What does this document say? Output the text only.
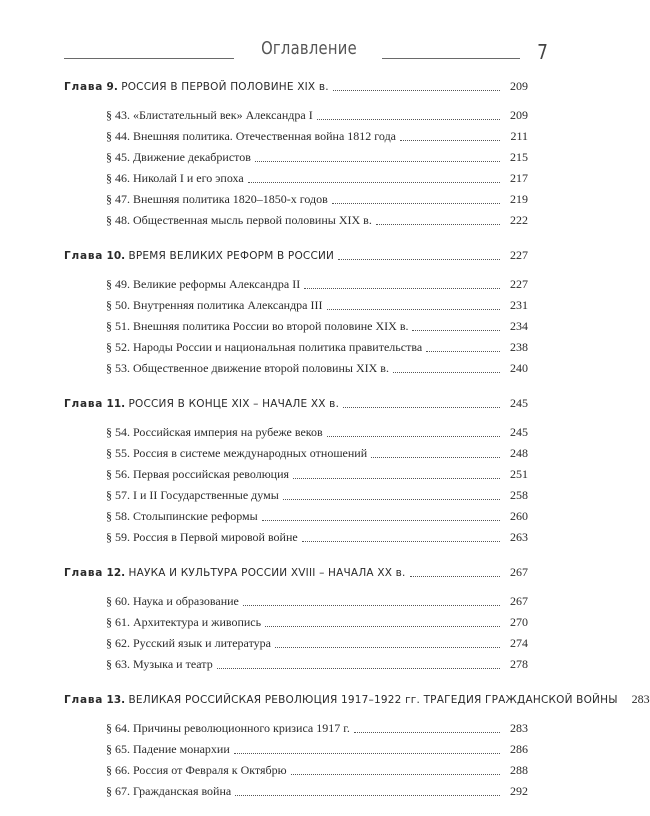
Оглавление	7
Глава 9. РОССИЯ В ПЕРВОЙ ПОЛОВИНЕ XIX в.	209
§ 43. «Блистательный век» Александра I	209
§ 44. Внешняя политика. Отечественная война 1812 года	211
§ 45. Движение декабристов	215
§ 46. Николай I и его эпоха	217
§ 47. Внешняя политика 1820–1850-х годов	219
§ 48. Общественная мысль первой половины XIX в.	222
Глава 10. ВРЕМЯ ВЕЛИКИХ РЕФОРМ В РОССИИ	227
§ 49. Великие реформы Александра II	227
§ 50. Внутренняя политика Александра III	231
§ 51. Внешняя политика России во второй половине XIX в.	234
§ 52. Народы России и национальная политика правительства	238
§ 53. Общественное движение второй половины XIX в.	240
Глава 11. РОССИЯ В КОНЦЕ XIX – НАЧАЛЕ XX в.	245
§ 54. Российская империя на рубеже веков	245
§ 55. Россия в системе международных отношений	248
§ 56. Первая российская революция	251
§ 57. I и II Государственные думы	258
§ 58. Столыпинские реформы	260
§ 59. Россия в Первой мировой войне	263
Глава 12. НАУКА И КУЛЬТУРА РОССИИ XVIII – НАЧАЛА XX в.	267
§ 60. Наука и образование	267
§ 61. Архитектура и живопись	270
§ 62. Русский язык и литература	274
§ 63. Музыка и театр	278
Глава 13. ВЕЛИКАЯ РОССИЙСКАЯ РЕВОЛЮЦИЯ 1917–1922 гг. ТРАГЕДИЯ ГРАЖДАНСКОЙ ВОЙНЫ	283
§ 64. Причины революционного кризиса 1917 г.	283
§ 65. Падение монархии	286
§ 66. Россия от Февраля к Октябрю	288
§ 67. Гражданская война	292
